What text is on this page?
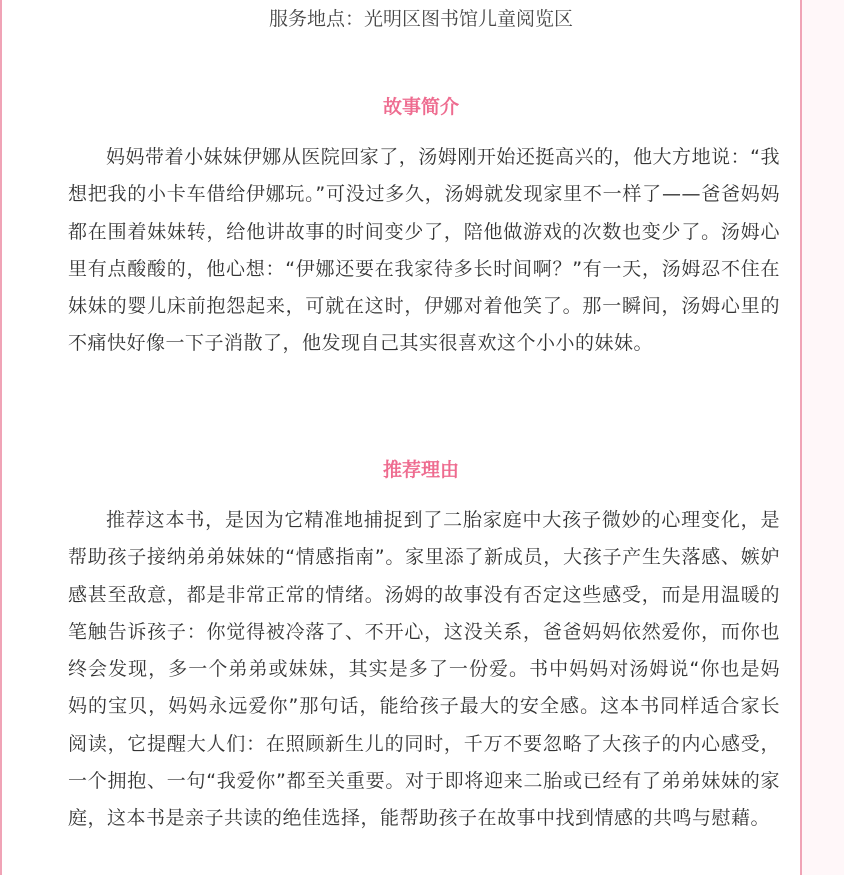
服务地点：光明区图书馆儿童阅览区
故事简介

妈妈带着小妹妹伊娜从医院回家了，汤姆刚开始还挺高兴的，他大方地说：“我想把我的小卡车借给伊娜玩。”可没过多久，汤姆就发现家里不一样了——爸爸妈妈都在围着妹妹转，给他讲故事的时间变少了，陪他做游戏的次数也变少了。汤姆心里有点酸酸的，他心想：“伊娜还要在我家待多长时间啊？”有一天，汤姆忍不住在妹妹的婴儿床前抱怨起来，可就在这时，伊娜对着他笑了。那一瞬间，汤姆心里的不痛快好像一下子消散了，他发现自己其实很喜欢这个小小的妹妹。

推荐理由

推荐这本书，是因为它精准地捕捉到了二胎家庭中大孩子微妙的心理变化，是帮助孩子接纳弟弟妹妹的“情感指南”。家里添了新成员，大孩子产生失落感、嫉妒感甚至敌意，都是非常正常的情绪。汤姆的故事没有否定这些感受，而是用温暖的笔触告诉孩子：你觉得被冷落了、不开心，这没关系，爸爸妈妈依然爱你，而你也终会发现，多一个弟弟或妹妹，其实是多了一份爱。书中妈妈对汤姆说“你也是妈妈的宝贝，妈妈永远爱你”那句话，能给孩子最大的安全感。这本书同样适合家长阅读，它提醒大人们：在照顾新生儿的同时，千万不要忽略了大孩子的内心感受，一个拥抱、一句“我爱你”都至关重要。对于即将迎来二胎或已经有了弟弟妹妹的家庭，这本书是亲子共读的绝佳选择，能帮助孩子在故事中找到情感的共鸣与慰藉。
